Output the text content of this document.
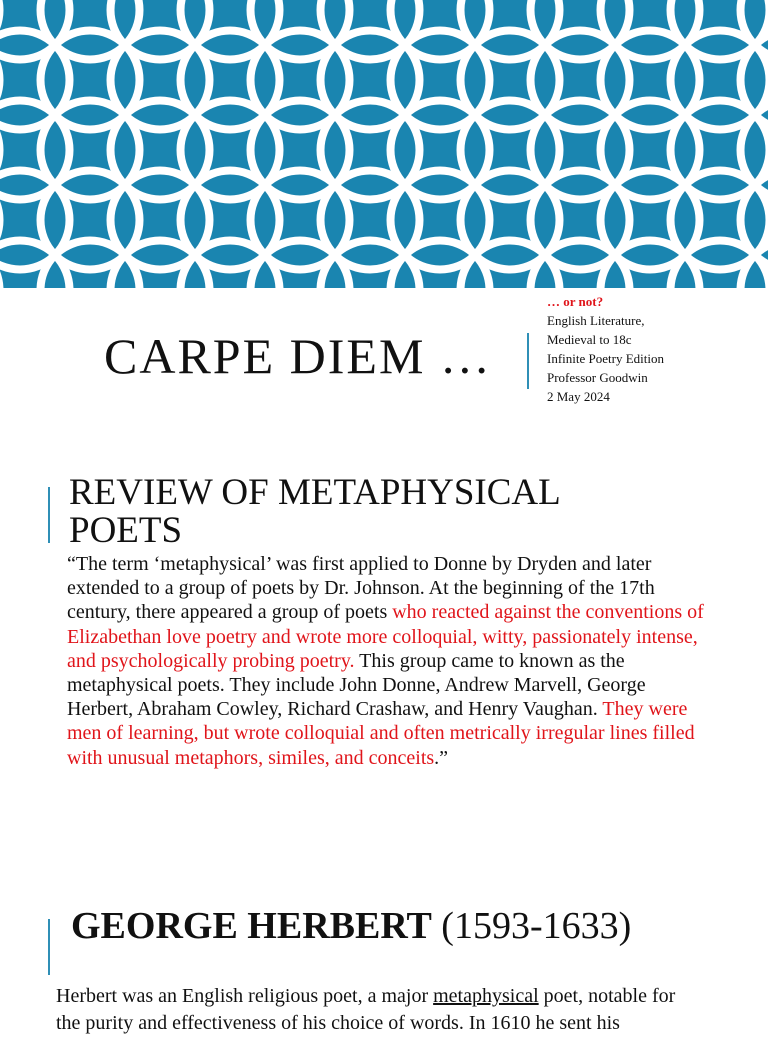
CARPE DIEM …
… or not?
English Literature,
Medieval to 18c
Infinite Poetry Edition
Professor Goodwin
2 May 2024
REVIEW OF METAPHYSICAL
POETS
“The term ‘metaphysical’ was first applied to Donne by Dryden and later extended to a group of poets by Dr. Johnson. At the beginning of the 17th century, there appeared a group of poets who reacted against the conventions of Elizabethan love poetry and wrote more colloquial, witty, passionately intense, and psychologically probing poetry. This group came to known as the metaphysical poets. They include John Donne, Andrew Marvell, George Herbert, Abraham Cowley, Richard Crashaw, and Henry Vaughan. They were men of learning, but wrote colloquial and often metrically irregular lines filled with unusual metaphors, similes, and conceits.”
GEORGE HERBERT (1593-1633)
Herbert was an English religious poet, a major metaphysical poet, notable for
the purity and effectiveness of his choice of words. In 1610 he sent his
